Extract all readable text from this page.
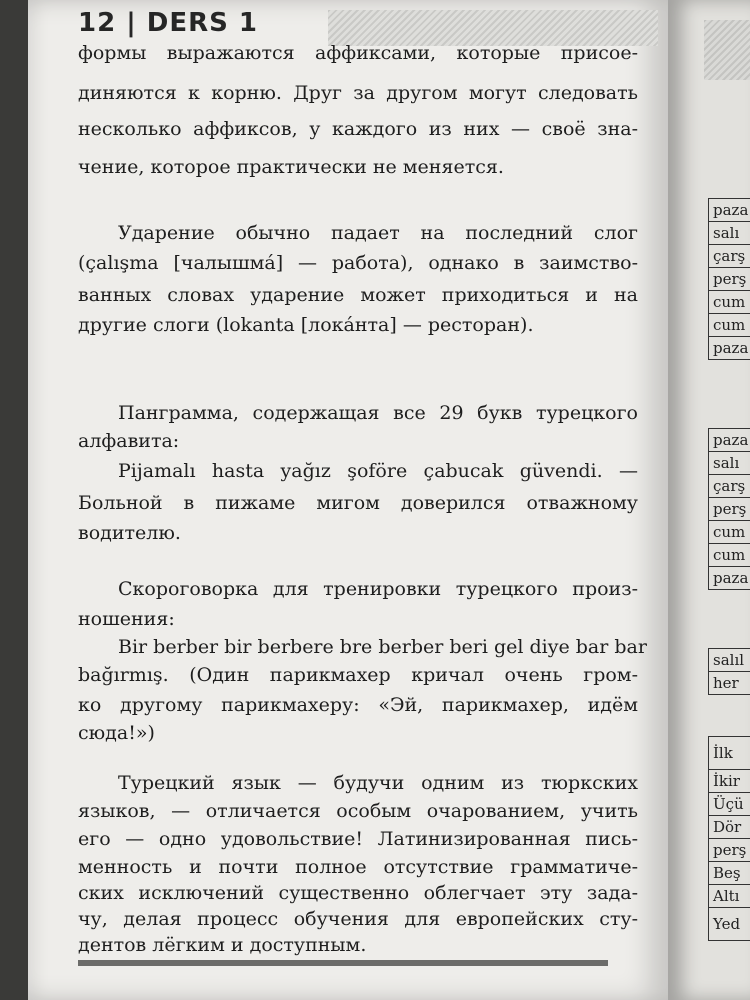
12 | DERS 1
формы выражаются аффиксами, которые присое-
диняются к корню. Друг за другом могут следовать
несколько аффиксов, у каждого из них — своё зна-
чение, которое практически не меняется.
Ударение обычно падает на последний слог
(çalışma [чалышмá] — работа), однако в заимство-
ванных словах ударение может приходиться и на
другие слоги (lokanta [локáнта] — ресторан).
Панграмма, содержащая все 29 букв турецкого
алфавита:
Pijamalı hasta yağız şoföre çabucak güvendi. —
Больной в пижаме мигом доверился отважному
водителю.
Скороговорка для тренировки турецкого произ-
ношения:
Bir berber bir berbere bre berber beri gel diye bar bar
bağırmış. (Один парикмахер кричал очень гром-
ко другому парикмахеру: «Эй, парикмахер, идём
сюда!»)
Турецкий язык — будучи одним из тюркских
языков, — отличается особым очарованием, учить
его — одно удовольствие! Латинизированная пись-
менность и почти полное отсутствие грамматиче-
ских исключений существенно облегчает эту зада-
чу, делая процесс обучения для европейских сту-
дентов лёгким и доступным.
paza
salı
çarş
perş
cum
cum
paza
paza
salı
çarş
perş
cum
cum
paza
salıl
her
İlk
İkir
Üçü
Dör
perş
Beş
Altı
Yed
